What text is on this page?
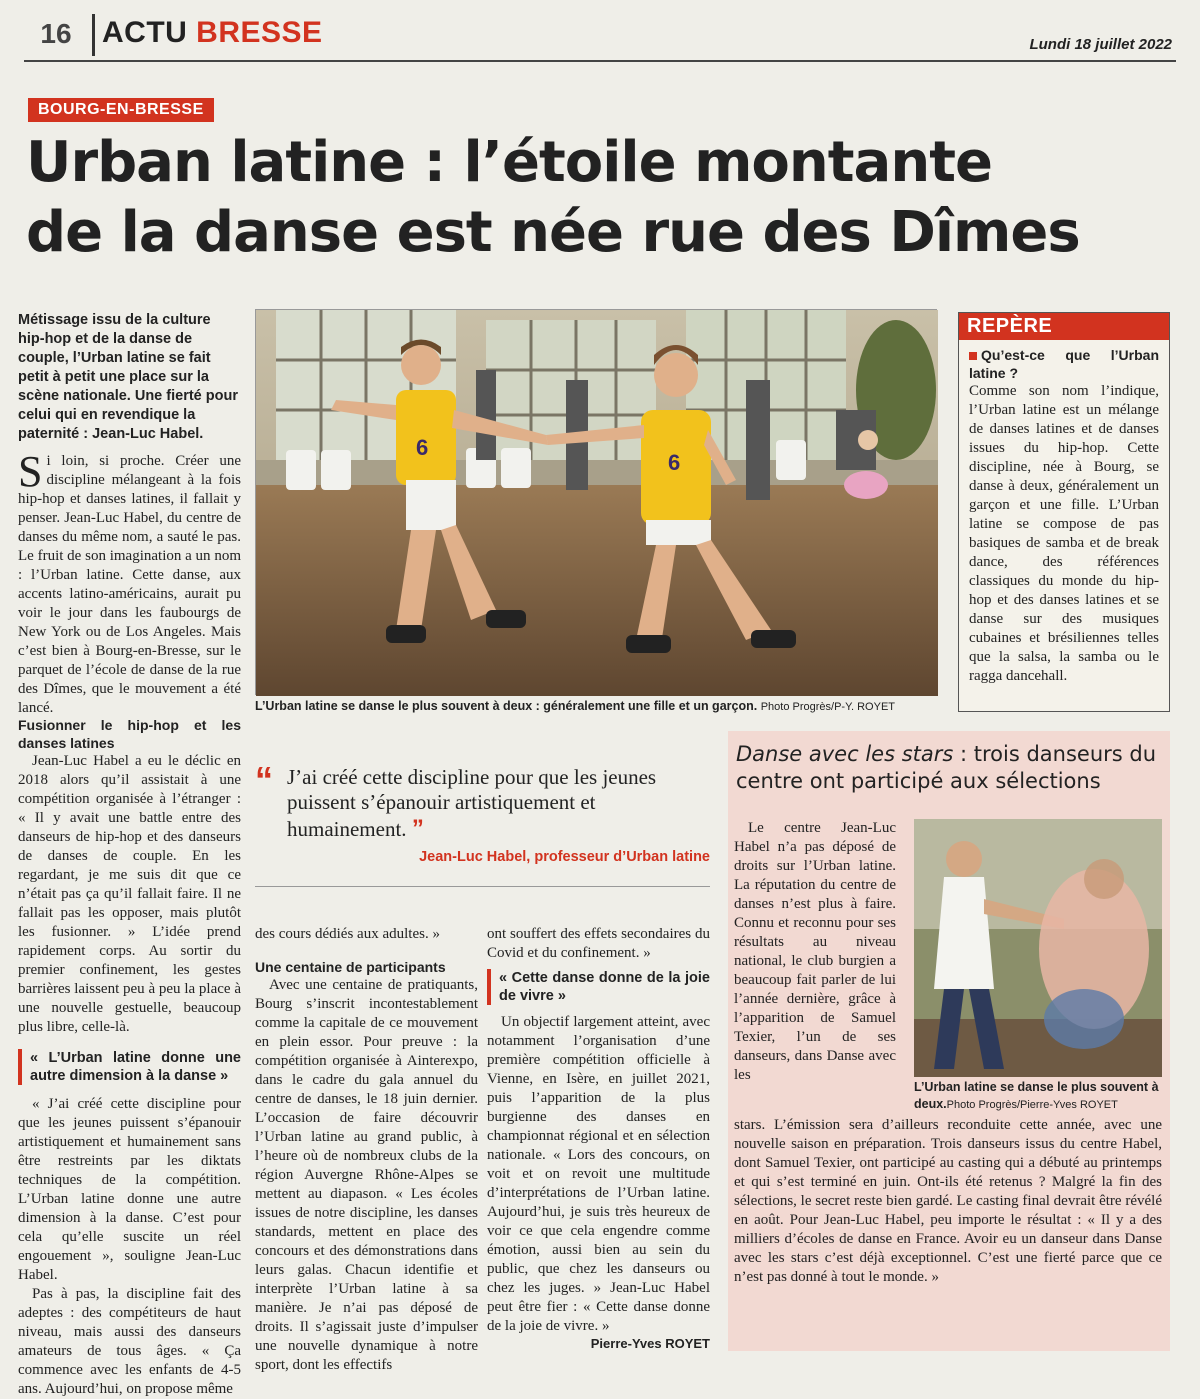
16	ACTU BRESSE	Lundi 18 juillet 2022
BOURG-EN-BRESSE
Urban latine : l’étoile montante
de la danse est née rue des Dîmes
Métissage issu de la culture hip-hop et de la danse de couple, l’Urban latine se fait petit à petit une place sur la scène nationale. Une fierté pour celui qui en revendique la paternité : Jean-Luc Habel.
Si loin, si proche. Créer une discipline mélangeant à la fois hip-hop et danses latines, il fallait y penser. Jean-Luc Habel, du centre de danses du même nom, a sauté le pas. Le fruit de son imagination a un nom : l’Urban latine. Cette danse, aux accents latino-américains, aurait pu voir le jour dans les faubourgs de New York ou de Los Angeles. Mais c’est bien à Bourg-en-Bresse, sur le parquet de l’école de danse de la rue des Dîmes, que le mouvement a été lancé.
Fusionner le hip-hop et les danses latines
Jean-Luc Habel a eu le déclic en 2018 alors qu’il assistait à une compétition organisée à l’étranger : « Il y avait une battle entre des danseurs de hip-hop et des danseurs de danses de couple. En les regardant, je me suis dit que ce n’était pas ça qu’il fallait faire. Il ne fallait pas les opposer, mais plutôt les fusionner. » L’idée prend rapidement corps. Au sortir du premier confinement, les gestes barrières laissent peu à peu la place à une nouvelle gestuelle, beaucoup plus libre, celle-là.
« L’Urban latine donne une autre dimension à la danse »
« J’ai créé cette discipline pour que les jeunes puissent s’épanouir artistiquement et humainement sans être restreints par les diktats techniques de la compétition. L’Urban latine donne une autre dimension à la danse. C’est pour cela qu’elle suscite un réel engouement », souligne Jean-Luc Habel.
Pas à pas, la discipline fait des adeptes : des compétiteurs de haut niveau, mais aussi des danseurs amateurs de tous âges. « Ça commence avec les enfants de 4-5 ans. Aujourd’hui, on propose même
6
6
L’Urban latine se danse le plus souvent à deux : généralement une fille et un garçon. Photo Progrès/P-Y. ROYET
“ J’ai créé cette discipline pour que les jeunes puissent s’épanouir artistiquement et humainement. ”
Jean-Luc Habel, professeur d’Urban latine
des cours dédiés aux adultes. »
Une centaine de participants
Avec une centaine de pratiquants, Bourg s’inscrit incontestablement comme la capitale de ce mouvement en plein essor. Pour preuve : la compétition organisée à Ainterexpo, dans le cadre du gala annuel du centre de danses, le 18 juin dernier. L’occasion de faire découvrir l’Urban latine au grand public, à l’heure où de nombreux clubs de la région Auvergne Rhône-Alpes se mettent au diapason. « Les écoles issues de notre discipline, les danses standards, mettent en place des concours et des démonstrations dans leurs galas. Chacun identifie et interprète l’Urban latine à sa manière. Je n’ai pas déposé de droits. Il s’agissait juste d’impulser une nouvelle dynamique à notre sport, dont les effectifs
ont souffert des effets secondaires du Covid et du confinement. »
« Cette danse donne de la joie de vivre »
Un objectif largement atteint, avec notamment l’organisation d’une première compétition officielle à Vienne, en Isère, en juillet 2021, puis l’apparition de la plus burgienne des danses en championnat régional et en sélection nationale. « Lors des concours, on voit et on revoit une multitude d’interprétations de l’Urban latine. Aujourd’hui, je suis très heureux de voir ce que cela engendre comme émotion, aussi bien au sein du public, que chez les danseurs ou chez les juges. » Jean-Luc Habel peut être fier : « Cette danse donne de la joie de vivre. »
Pierre-Yves ROYET
REPÈRE
Qu’est-ce que l’Urban latine ?
Comme son nom l’indique, l’Urban latine est un mélange de danses latines et de danses issues du hip-hop. Cette discipline, née à Bourg, se danse à deux, généralement un garçon et une fille. L’Urban latine se compose de pas basiques de samba et de break dance, des références classiques du monde du hip-hop et des danses latines et se danse sur des musiques cubaines et brésiliennes telles que la salsa, la samba ou le ragga dancehall.
Danse avec les stars : trois danseurs du centre ont participé aux sélections
Le centre Jean-Luc Habel n’a pas déposé de droits sur l’Urban latine. La réputation du centre de danses n’est plus à faire. Connu et reconnu pour ses résultats au niveau national, le club burgien a beaucoup fait parler de lui l’année dernière, grâce à l’apparition de Samuel Texier, l’un de ses danseurs, dans Danse avec les
L’Urban latine se danse le plus souvent à deux.Photo Progrès/Pierre-Yves ROYET
stars. L’émission sera d’ailleurs reconduite cette année, avec une nouvelle saison en préparation. Trois danseurs issus du centre Habel, dont Samuel Texier, ont participé au casting qui a débuté au printemps et qui s’est terminé en juin. Ont-ils été retenus ? Malgré la fin des sélections, le secret reste bien gardé. Le casting final devrait être révélé en août. Pour Jean-Luc Habel, peu importe le résultat : « Il y a des milliers d’écoles de danse en France. Avoir eu un danseur dans Danse avec les stars c’est déjà exceptionnel. C’est une fierté parce que ce n’est pas donné à tout le monde. »
